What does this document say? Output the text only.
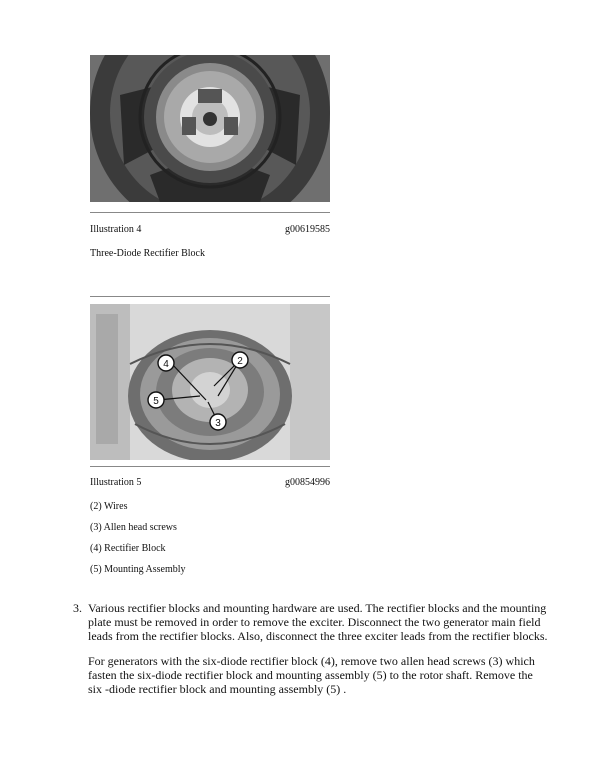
Illustration 4	g00619585
Three-Diode Rectifier Block
4	2
5
3
Illustration 5	g00854996
(2) Wires
(3) Allen head screws
(4) Rectifier Block
(5) Mounting Assembly
3. Various rectifier blocks and mounting hardware are used. The rectifier blocks and the mounting plate must be removed in order to remove the exciter. Disconnect the two generator main field leads from the rectifier blocks. Also, disconnect the three exciter leads from the rectifier blocks.
For generators with the six-diode rectifier block (4), remove two allen head screws (3) which fasten the six-diode rectifier block and mounting assembly (5) to the rotor shaft. Remove the six -diode rectifier block and mounting assembly (5) .
